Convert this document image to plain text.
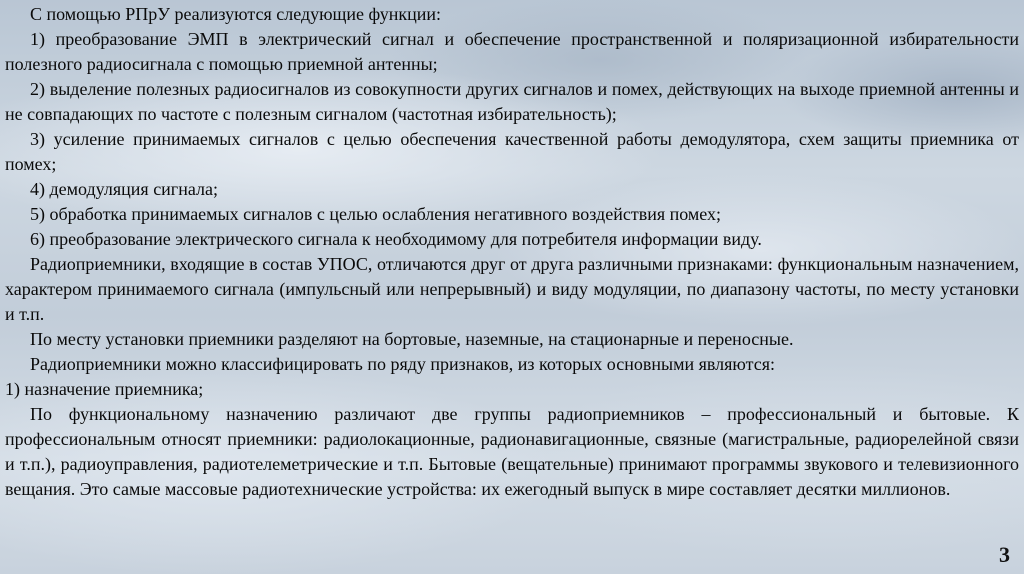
С помощью РПрУ реализуются следующие функции:

1) преобразование ЭМП в электрический сигнал и обеспечение пространственной и поляризационной избирательности полезного радиосигнала с помощью приемной антенны;

2) выделение полезных радиосигналов из совокупности других сигналов и помех, действующих на выходе приемной антенны и не совпадающих по частоте с полезным сигналом (частотная избирательность);

3) усиление принимаемых сигналов с целью обеспечения качественной работы демодулятора, схем защиты приемника от помех;

4) демодуляция сигнала;

5) обработка принимаемых сигналов с целью ослабления негативного воздействия помех;

6) преобразование электрического сигнала к необходимому для потребителя информации виду.

Радиоприемники, входящие в состав УПОС, отличаются друг от друга различными признаками: функциональным назначением, характером принимаемого сигнала (импульсный или непрерывный) и виду модуляции, по диапазону частоты, по месту установки и т.п.

По месту установки приемники разделяют на бортовые, наземные, на стационарные и переносные.

Радиоприемники можно классифицировать по ряду признаков, из которых основными являются:

1) назначение приемника;

По функциональному назначению различают две группы радиоприемников – профессиональный и бытовые. К профессиональным относят приемники: радиолокационные, радионавигационные, связные (магистральные, радиорелейной связи и т.п.), радиоуправления, радиотелеметрические и т.п. Бытовые (вещательные) принимают программы звукового и телевизионного вещания. Это самые массовые радиотехнические устройства: их ежегодный выпуск в мире составляет десятки миллионов.

3
